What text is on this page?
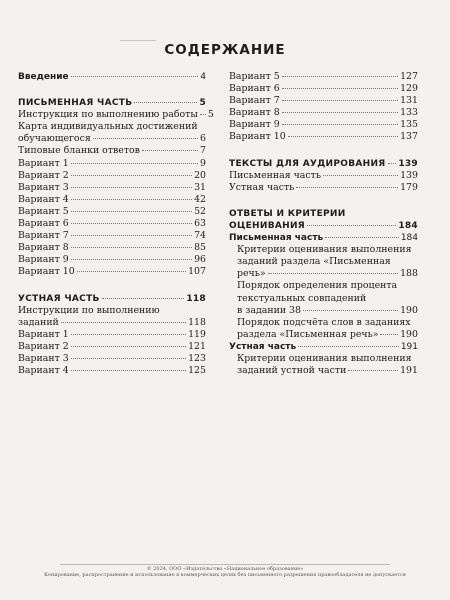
СОДЕРЖАНИЕ
Введение	4
ПИСЬМЕННАЯ ЧАСТЬ	5
Инструкция по выполнению работы 5
Карта индивидуальных достижений
обучающегося	6
Типовые бланки ответов	7
Вариант 1	9
Вариант 2	20
Вариант 3	31
Вариант 4	42
Вариант 5	52
Вариант 6	63
Вариант 7	74
Вариант 8	85
Вариант 9	96
Вариант 10	107
УСТНАЯ ЧАСТЬ	118
Инструкции по выполнению
заданий	118
Вариант 1	119
Вариант 2	121
Вариант 3	123
Вариант 4	125
Вариант 5	127
Вариант 6	129
Вариант 7	131
Вариант 8	133
Вариант 9	135
Вариант 10	137
ТЕКСТЫ ДЛЯ АУДИРОВАНИЯ 139
Письменная часть	139
Устная часть	179
ОТВЕТЫ И КРИТЕРИИ
ОЦЕНИВАНИЯ	184
Письменная часть	184
Критерии оценивания выполнения
заданий раздела «Письменная
речь»	188
Порядок определения процента
текстуальных совпадений
в задании 38	190
Порядок подсчёта слов в заданиях
раздела «Письменная речь» 190
Устная часть	191
Критерии оценивания выполнения
заданий устной части	191
© 2024, ООО «Издательство «Национальное образование»
Копирование, распространение и использование в коммерческих целях без письменного разрешения правообладателя не допускается
